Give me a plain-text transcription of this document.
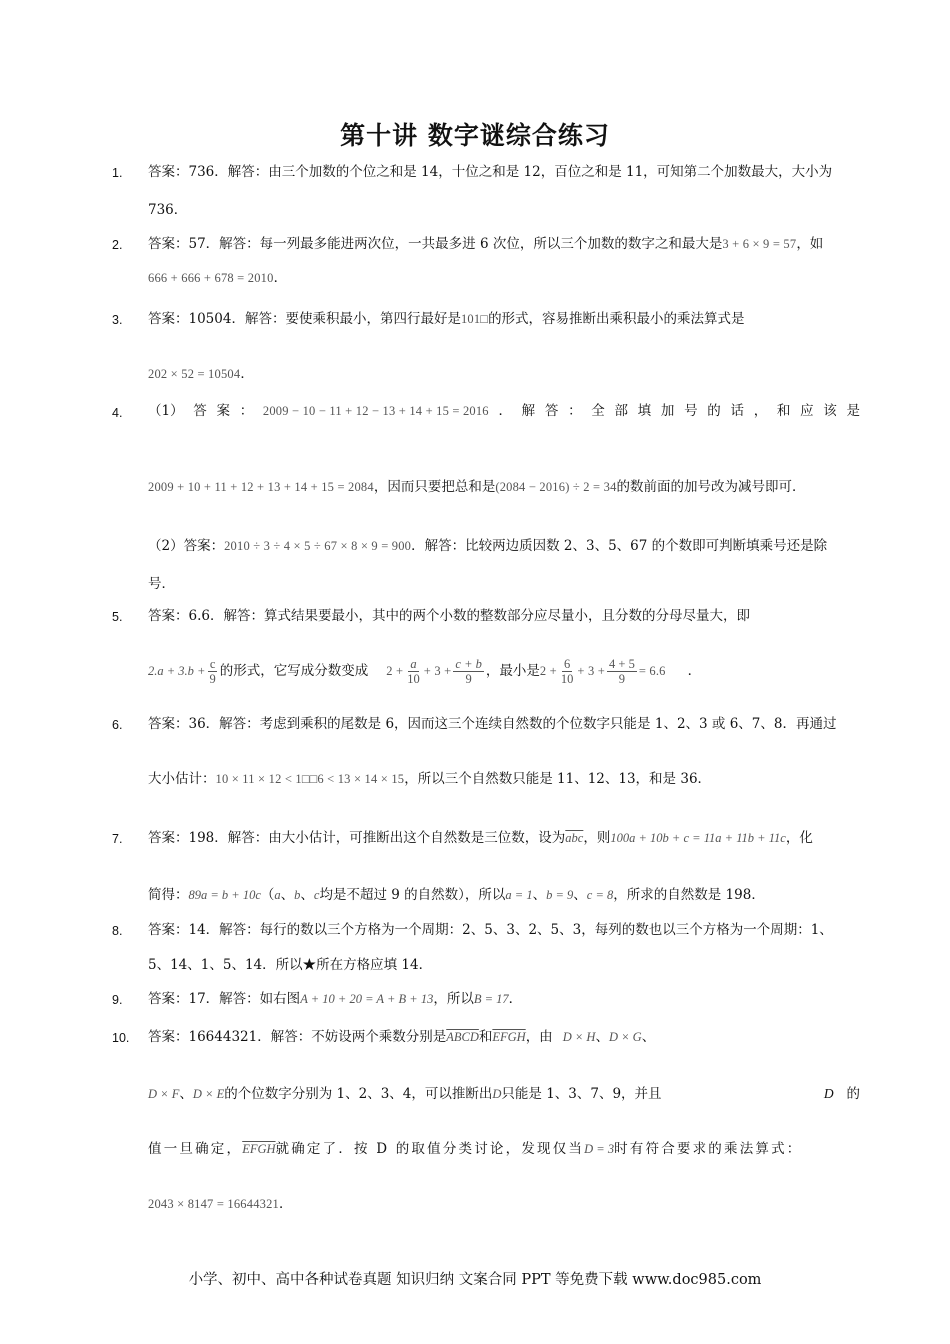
第十讲 数字谜综合练习
1. 答案：736．解答：由三个加数的个位之和是 14，十位之和是 12，百位之和是 11，可知第二个加数最大，大小为
736．
2. 答案：57．解答：每一列最多能进两次位，一共最多进 6 次位，所以三个加数的数字之和最大是3 + 6 × 9 = 57，如
666 + 666 + 678 = 2010．
3. 答案：10504．解答：要使乘积最小，第四行最好是101□的形式，容易推断出乘积最小的乘法算式是
202 × 52 = 10504．
4. （1） 答 案 ： 2009 − 10 − 11 + 12 − 13 + 14 + 15 = 2016 ． 解 答 ： 全 部 填 加 号 的 话 ， 和 应 该 是
2009 + 10 + 11 + 12 + 13 + 14 + 15 = 2084，因而只要把总和是(2084 − 2016) ÷ 2 = 34的数前面的加号改为减号即可．
（2）答案：2010 ÷ 3 ÷ 4 × 5 ÷ 67 × 8 × 9 = 900．解答：比较两边质因数 2、3、5、67 的个数即可判断填乘号还是除
号．
5. 答案：6.6．解答：算式结果要最小，其中的两个小数的整数部分应尽量小，且分数的分母尽量大，即
$2.a + 3.b + \frac{c}{9}$ 的形式，它写成分数变成 $2 + \frac{a}{10} + 3 + \frac{c + b}{9}$ ，最小是$2 + \frac{6}{10} + 3 + \frac{4 + 5}{9} = 6.6$ ．
6. 答案：36．解答：考虑到乘积的尾数是 6，因而这三个连续自然数的个位数字只能是 1、2、3 或 6、7、8．再通过
大小估计：10 × 11 × 12 < 1□□6 < 13 × 14 × 15，所以三个自然数只能是 11、12、13，和是 36．
7. 答案：198．解答：由大小估计，可推断出这个自然数是三位数，设为$\overline{abc}$，则100a + 10b + c = 11a + 11b + 11c，化
简得：89a = b + 10c（a、b、c均是不超过 9 的自然数），所以a = 1、b = 9、c = 8，所求的自然数是 198．
8. 答案：14．解答：每行的数以三个方格为一个周期：2、5、3、2、5、3，每列的数也以三个方格为一个周期：1、
5、14、1、5、14．所以★所在方格应填 14．
9. 答案：17．解答：如右图A + 10 + 20 = A + B + 13，所以B = 17．
10. 答案：16644321．解答：不妨设两个乘数分别是ABCD和EFGH，由 D × H、D × G、
D × F、D × E的个位数字分别为 1、2、3、4，可以推断出D只能是 1、3、7、9，并且	D 的
值一旦确定，EFGH就确定了．按 D 的取值分类讨论，发现仅当D = 3时有符合要求的乘法算式：
2043 × 8147 = 16644321．
小学、初中、高中各种试卷真题 知识归纳 文案合同 PPT 等免费下载 www.doc985.com
